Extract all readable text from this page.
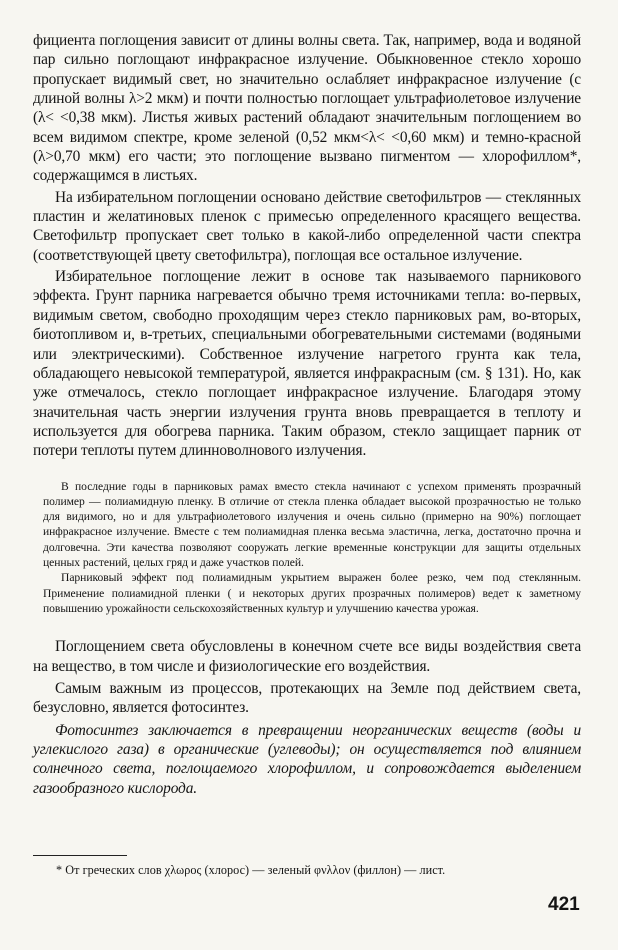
фициента поглощения зависит от длины волны света. Так, например, вода и водяной пар сильно поглощают инфракрасное излучение. Обыкновенное стекло хорошо пропускает видимый свет, но значительно ослабляет инфракрасное излучение (с длиной волны λ>2 мкм) и почти полностью поглощает ультрафиолетовое излучение (λ< <0,38 мкм). Листья живых растений обладают значительным поглощением во всем видимом спектре, кроме зеленой (0,52 мкм<λ< <0,60 мкм) и темно-красной (λ>0,70 мкм) его части; это поглощение вызвано пигментом — хлорофиллом*, содержащимся в листьях.

На избирательном поглощении основано действие светофильтров — стеклянных пластин и желатиновых пленок с примесью определенного красящего вещества. Светофильтр пропускает свет только в какой-либо определенной части спектра (соответствующей цвету светофильтра), поглощая все остальное излучение.

Избирательное поглощение лежит в основе так называемого парникового эффекта. Грунт парника нагревается обычно тремя источниками тепла: во-первых, видимым светом, свободно проходящим через стекло парниковых рам, во-вторых, биотопливом и, в-третьих, специальными обогревательными системами (водяными или электрическими). Собственное излучение нагретого грунта как тела, обладающего невысокой температурой, является инфракрасным (см. § 131). Но, как уже отмечалось, стекло поглощает инфракрасное излучение. Благодаря этому значительная часть энергии излучения грунта вновь превращается в теплоту и используется для обогрева парника. Таким образом, стекло защищает парник от потери теплоты путем длинноволнового излучения.

В последние годы в парниковых рамах вместо стекла начинают с успехом применять прозрачный полимер — полиамидную пленку. В отличие от стекла пленка обладает высокой прозрачностью не только для видимого, но и для ультрафиолетового излучения и очень сильно (примерно на 90%) поглощает инфракрасное излучение. Вместе с тем полиамидная пленка весьма эластична, легка, достаточно прочна и долговечна. Эти качества позволяют сооружать легкие временные конструкции для защиты отдельных ценных растений, целых гряд и даже участков полей.

Парниковый эффект под полиамидным укрытием выражен более резко, чем под стеклянным. Применение полиамидной пленки ( и некоторых других прозрачных полимеров) ведет к заметному повышению урожайности сельскохозяйственных культур и улучшению качества урожая.

Поглощением света обусловлены в конечном счете все виды воздействия света на вещество, в том числе и физиологические его воздействия.

Самым важным из процессов, протекающих на Земле под действием света, безусловно, является фотосинтез.

Фотосинтез заключается в превращении неорганических веществ (воды и углекислого газа) в органические (углеводы); он осуществляется под влиянием солнечного света, поглощаемого хлорофиллом, и сопровождается выделением газообразного кислорода.

* От греческих слов χλωρος (хлорос) — зеленый φνλλον (филлон) — лист.

421
